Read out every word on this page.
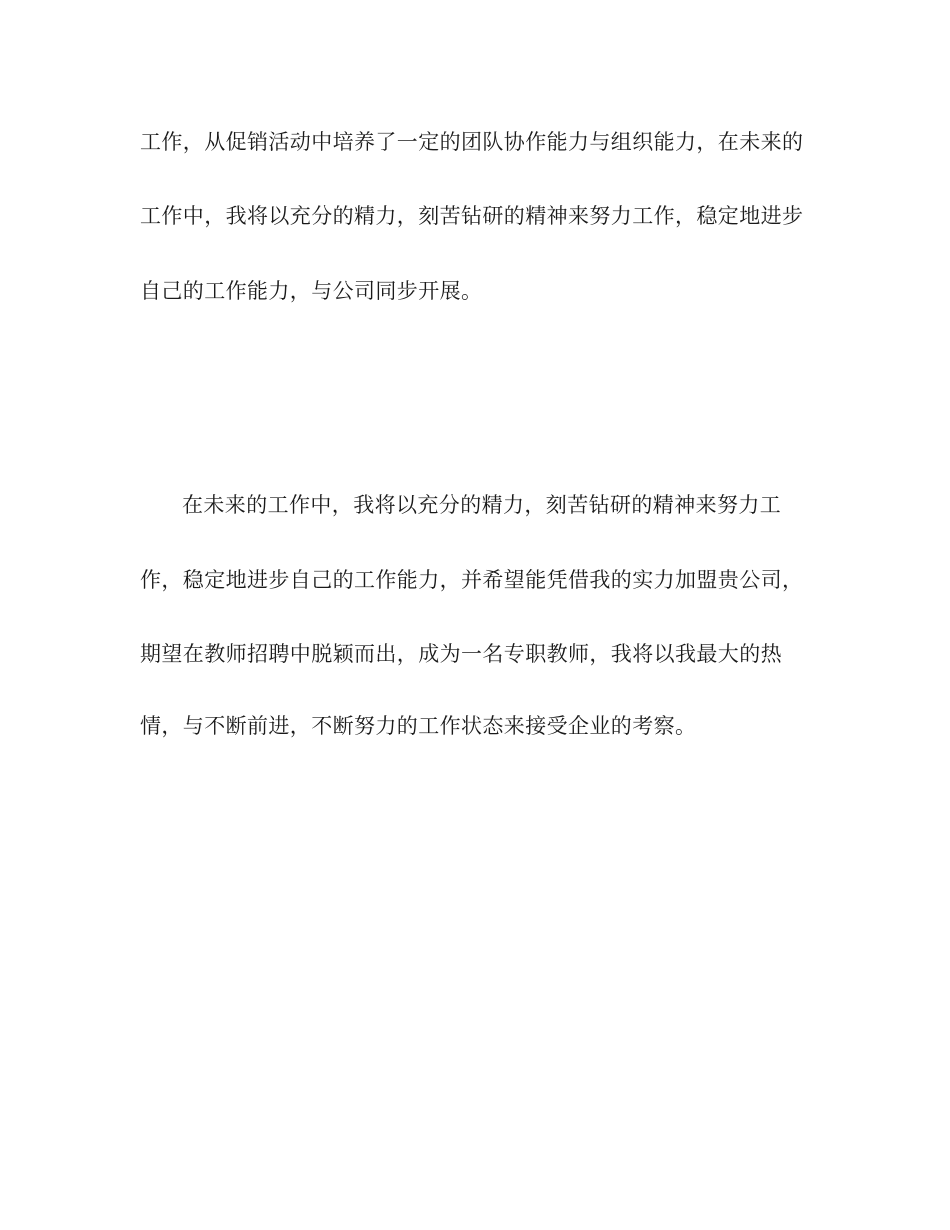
工作，从促销活动中培养了一定的团队协作能力与组织能力，在未来的
工作中，我将以充分的精力，刻苦钻研的精神来努力工作，稳定地进步
自己的工作能力，与公司同步开展。
在未来的工作中，我将以充分的精力，刻苦钻研的精神来努力工
作，稳定地进步自己的工作能力，并希望能凭借我的实力加盟贵公司，
期望在教师招聘中脱颖而出，成为一名专职教师，我将以我最大的热
情，与不断前进，不断努力的工作状态来接受企业的考察。
